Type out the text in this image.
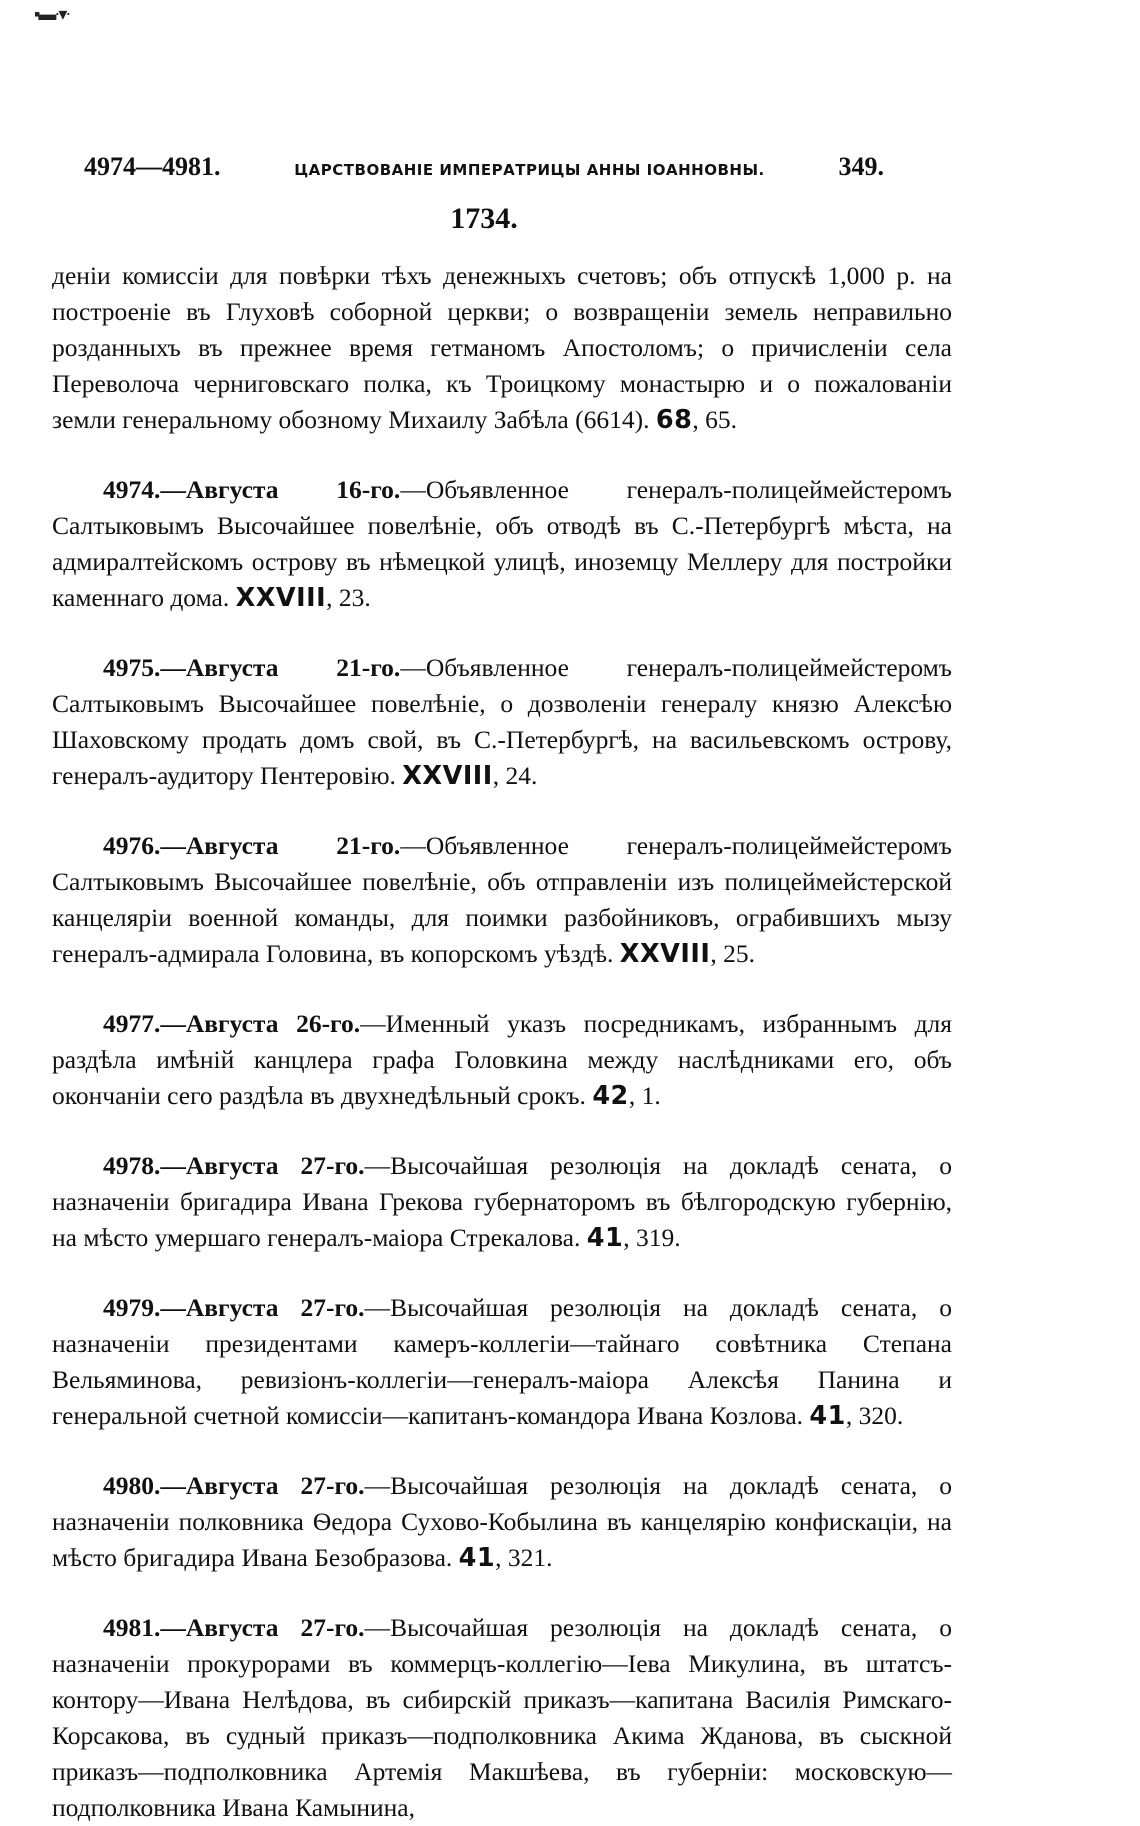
▪▬·▾·
4974—4981.	ЦАРСТВОВАНІЕ ИМПЕРАТРИЦЫ АННЫ ІОАННОВНЫ.	349.
1734.

деніи комиссіи для повѣрки тѣхъ денежныхъ счетовъ; объ отпускѣ 1,000 р. на построеніе въ Глуховѣ соборной церкви; о возвращеніи земель неправильно розданныхъ въ прежнее время гетманомъ Апостоломъ; о причисленіи села Переволоча черниговскаго полка, къ Троицкому монастырю и о пожалованіи земли генеральному обозному Михаилу Забѣла (6614). 68, 65.

4974.—Августа 16-го.—Объявленное генералъ-полицеймейстеромъ Салтыковымъ Высочайшее повелѣніе, объ отводѣ въ С.-Петербургѣ мѣста, на адмиралтейскомъ острову въ нѣмецкой улицѣ, иноземцу Меллеру для постройки каменнаго дома. XXVIII, 23.

4975.—Августа 21-го.—Объявленное генералъ-полицеймейстеромъ Салтыковымъ Высочайшее повелѣніе, о дозволеніи генералу князю Алексѣю Шаховскому продать домъ свой, въ С.-Петербургѣ, на васильевскомъ острову, генералъ-аудитору Пентеровію. XXVIII, 24.

4976.—Августа 21-го.—Объявленное генералъ-полицеймейстеромъ Салтыковымъ Высочайшее повелѣніе, объ отправленіи изъ полицеймейстерской канцеляріи военной команды, для поимки разбойниковъ, ограбившихъ мызу генералъ-адмирала Головина, въ копорскомъ уѣздѣ. XXVIII, 25.

4977.—Августа 26-го.—Именный указъ посредникамъ, избраннымъ для раздѣла имѣній канцлера графа Головкина между наслѣдниками его, объ окончаніи сего раздѣла въ двухнедѣльный срокъ. 42, 1.

4978.—Августа 27-го.—Высочайшая резолюція на докладѣ сената, о назначеніи бригадира Ивана Грекова губернаторомъ въ бѣлгородскую губернію, на мѣсто умершаго генералъ-маіора Стрекалова. 41, 319.

4979.—Августа 27-го.—Высочайшая резолюція на докладѣ сената, о назначеніи президентами камеръ-коллегіи—тайнаго совѣтника Степана Вельяминова, ревизіонъ-коллегіи—генералъ-маіора Алексѣя Панина и генеральной счетной комиссіи—капитанъ-командора Ивана Козлова. 41, 320.

4980.—Августа 27-го.—Высочайшая резолюція на докладѣ сената, о назначеніи полковника Ѳедора Сухово-Кобылина въ канцелярію конфискаціи, на мѣсто бригадира Ивана Безобразова. 41, 321.

4981.—Августа 27-го.—Высочайшая резолюція на докладѣ сената, о назначеніи прокурорами въ коммерцъ-коллегію—Іева Микулина, въ штатсъ-контору—Ивана Нелѣдова, въ сибирскій приказъ—капитана Василія Римскаго-Корсакова, въ судный приказъ—подполковника Акима Жданова, въ сыскной приказъ—подполковника Артемія Макшѣева, въ губерніи: московскую—подполковника Ивана Камынина,
